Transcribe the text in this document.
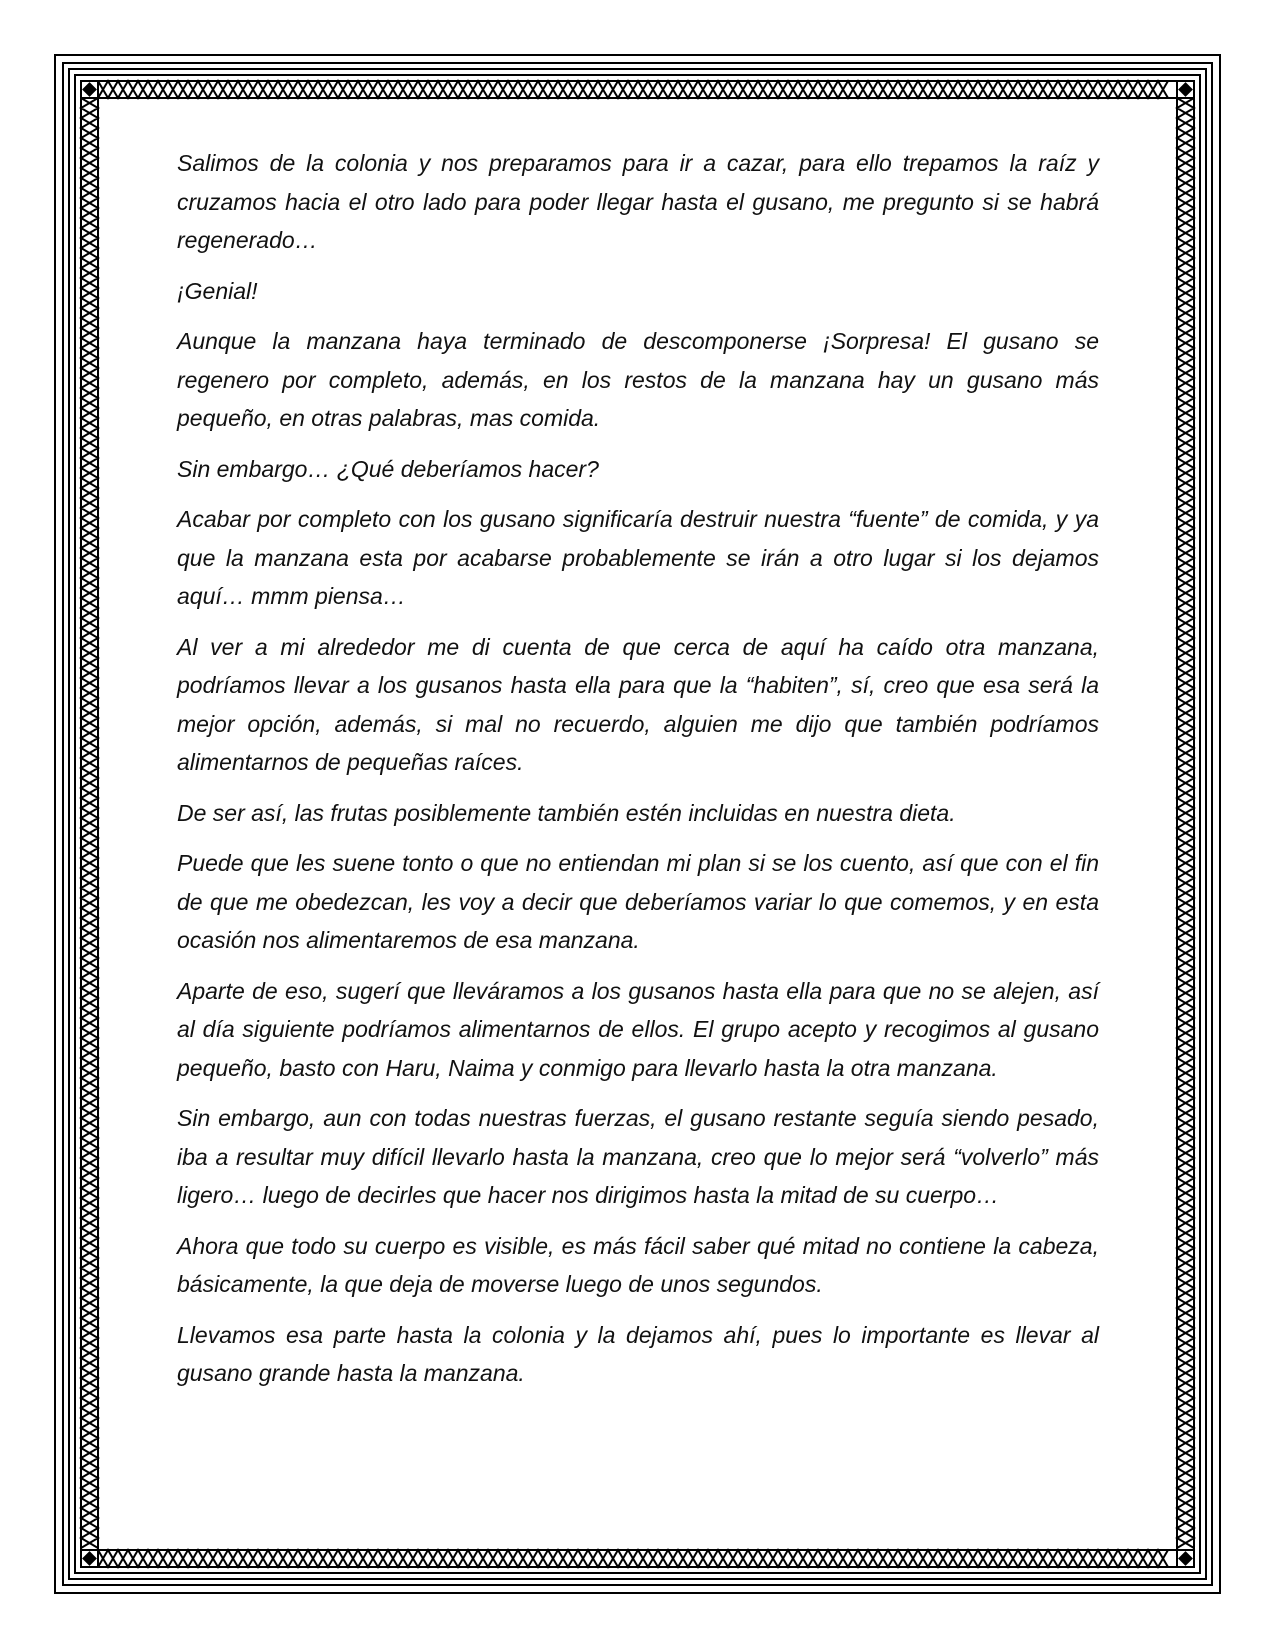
Salimos de la colonia y nos preparamos para ir a cazar, para ello trepamos la raíz y cruzamos hacia el otro lado para poder llegar hasta el gusano, me pregunto si se habrá regenerado…

¡Genial!

Aunque la manzana haya terminado de descomponerse ¡Sorpresa! El gusano se regenero por completo, además, en los restos de la manzana hay un gusano más pequeño, en otras palabras, mas comida.

Sin embargo… ¿Qué deberíamos hacer?

Acabar por completo con los gusano significaría destruir nuestra “fuente” de comida, y ya que la manzana esta por acabarse probablemente se irán a otro lugar si los dejamos aquí… mmm piensa…

Al ver a mi alrededor me di cuenta de que cerca de aquí ha caído otra manzana, podríamos llevar a los gusanos hasta ella para que la “habiten”, sí, creo que esa será la mejor opción, además, si mal no recuerdo, alguien me dijo que también podríamos alimentarnos de pequeñas raíces.

De ser así, las frutas posiblemente también estén incluidas en nuestra dieta.

Puede que les suene tonto o que no entiendan mi plan si se los cuento, así que con el fin de que me obedezcan, les voy a decir que deberíamos variar lo que comemos, y en esta ocasión nos alimentaremos de esa manzana.

Aparte de eso, sugerí que lleváramos a los gusanos hasta ella para que no se alejen, así al día siguiente podríamos alimentarnos de ellos. El grupo acepto y recogimos al gusano pequeño, basto con Haru, Naima y conmigo para llevarlo hasta la otra manzana.

Sin embargo, aun con todas nuestras fuerzas, el gusano restante seguía siendo pesado, iba a resultar muy difícil llevarlo hasta la manzana, creo que lo mejor será “volverlo” más ligero… luego de decirles que hacer nos dirigimos hasta la mitad de su cuerpo…

Ahora que todo su cuerpo es visible, es más fácil saber qué mitad no contiene la cabeza, básicamente, la que deja de moverse luego de unos segundos.

Llevamos esa parte hasta la colonia y la dejamos ahí, pues lo importante es llevar al gusano grande hasta la manzana.
